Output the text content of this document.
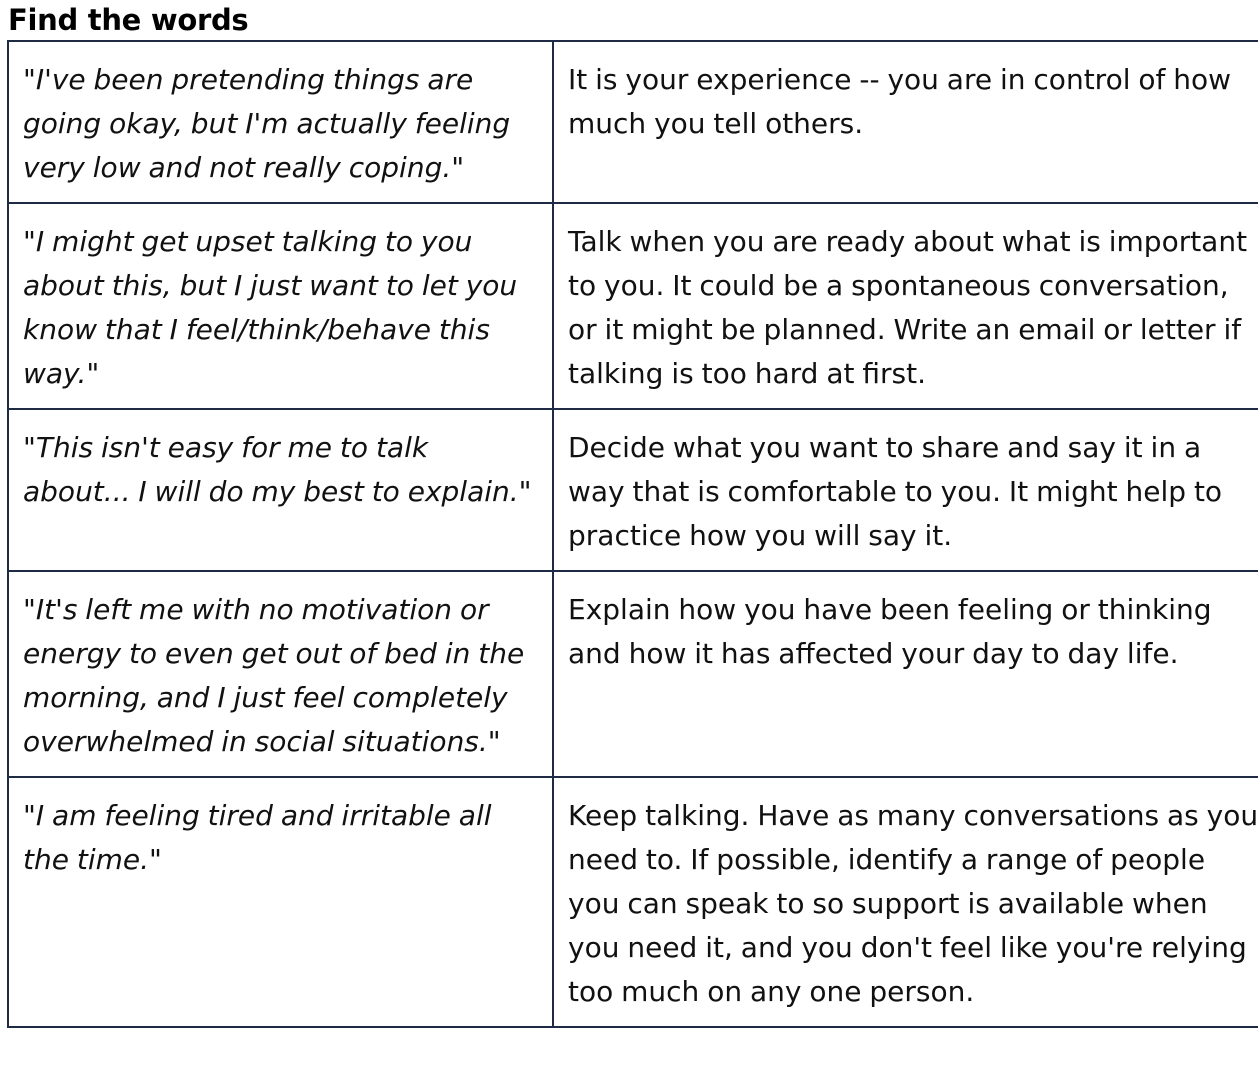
Find the words
"I've been pretending things are going okay, but I'm actually feeling very low and not really coping."	It is your experience -- you are in control of how much you tell others.
"I might get upset talking to you about this, but I just want to let you know that I feel/think/behave this way."	Talk when you are ready about what is important to you. It could be a spontaneous conversation, or it might be planned. Write an email or letter if talking is too hard at first.
"This isn't easy for me to talk about... I will do my best to explain."	Decide what you want to share and say it in a way that is comfortable to you. It might help to practice how you will say it.
"It's left me with no motivation or energy to even get out of bed in the morning, and I just feel completely overwhelmed in social situations."	Explain how you have been feeling or thinking and how it has affected your day to day life.
"I am feeling tired and irritable all the time."	Keep talking. Have as many conversations as you need to. If possible, identify a range of people you can speak to so support is available when you need it, and you don't feel like you're relying too much on any one person.
